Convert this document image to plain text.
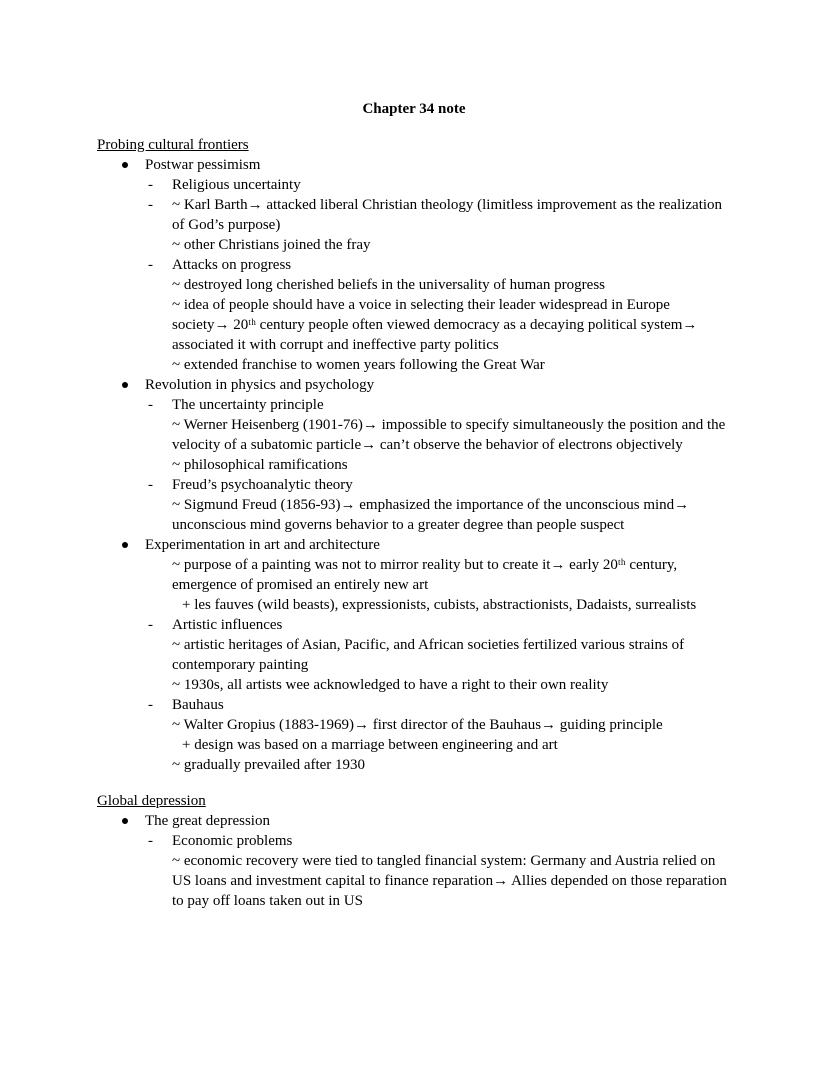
Chapter 34 note
Probing cultural frontiers
Postwar pessimism
- Religious uncertainty
- ~ Karl Barth→ attacked liberal Christian theology (limitless improvement as the realization of God’s purpose)
~ other Christians joined the fray
- Attacks on progress
~ destroyed long cherished beliefs in the universality of human progress
~ idea of people should have a voice in selecting their leader widespread in Europe society→ 20ᵗʰ century people often viewed democracy as a decaying political system→ associated it with corrupt and ineffective party politics
~ extended franchise to women years following the Great War
Revolution in physics and psychology
- The uncertainty principle
~ Werner Heisenberg (1901-76)→ impossible to specify simultaneously the position and the velocity of a subatomic particle→ can’t observe the behavior of electrons objectively
~ philosophical ramifications
- Freud’s psychoanalytic theory
~ Sigmund Freud (1856-93)→ emphasized the importance of the unconscious mind→ unconscious mind governs behavior to a greater degree than people suspect
Experimentation in art and architecture
~ purpose of a painting was not to mirror reality but to create it→ early 20ᵗʰ century, emergence of promised an entirely new art
+ les fauves (wild beasts), expressionists, cubists, abstractionists, Dadaists, surrealists
- Artistic influences
~ artistic heritages of Asian, Pacific, and African societies fertilized various strains of contemporary painting
~ 1930s, all artists wee acknowledged to have a right to their own reality
- Bauhaus
~ Walter Gropius (1883-1969)→ first director of the Bauhaus→ guiding principle
+ design was based on a marriage between engineering and art
~ gradually prevailed after 1930
Global depression
The great depression
- Economic problems
~ economic recovery were tied to tangled financial system: Germany and Austria relied on US loans and investment capital to finance reparation→ Allies depended on those reparation to pay off loans taken out in US
